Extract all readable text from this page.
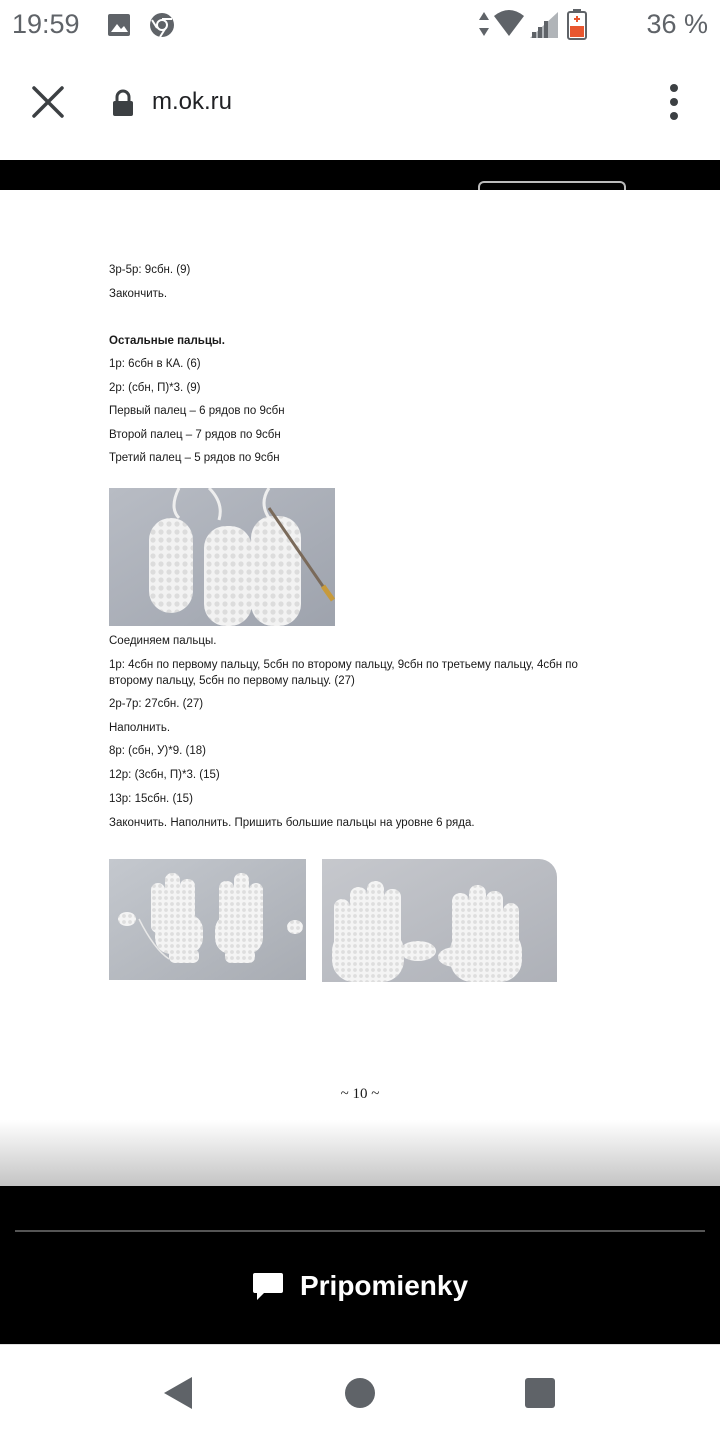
19:59	36 %
m.ok.ru
3р-5р: 9сбн. (9)
Закончить.
Остальные пальцы.
1р: 6сбн в КА. (6)
2р: (сбн, П)*3. (9)
Первый палец – 6 рядов по 9сбн
Второй палец – 7 рядов по 9сбн
Третий палец – 5 рядов по 9сбн
Соединяем пальцы.
1р: 4сбн по первому пальцу, 5сбн по второму пальцу, 9сбн по третьему пальцу, 4сбн по
второму пальцу, 5сбн по первому пальцу. (27)
2р-7р: 27сбн. (27)
Наполнить.
8р: (сбн, У)*9. (18)
12р: (3сбн, П)*3. (15)
13р: 15сбн. (15)
Закончить. Наполнить. Пришить большие пальцы на уровне 6 ряда.
~ 10 ~
Pripomienky
